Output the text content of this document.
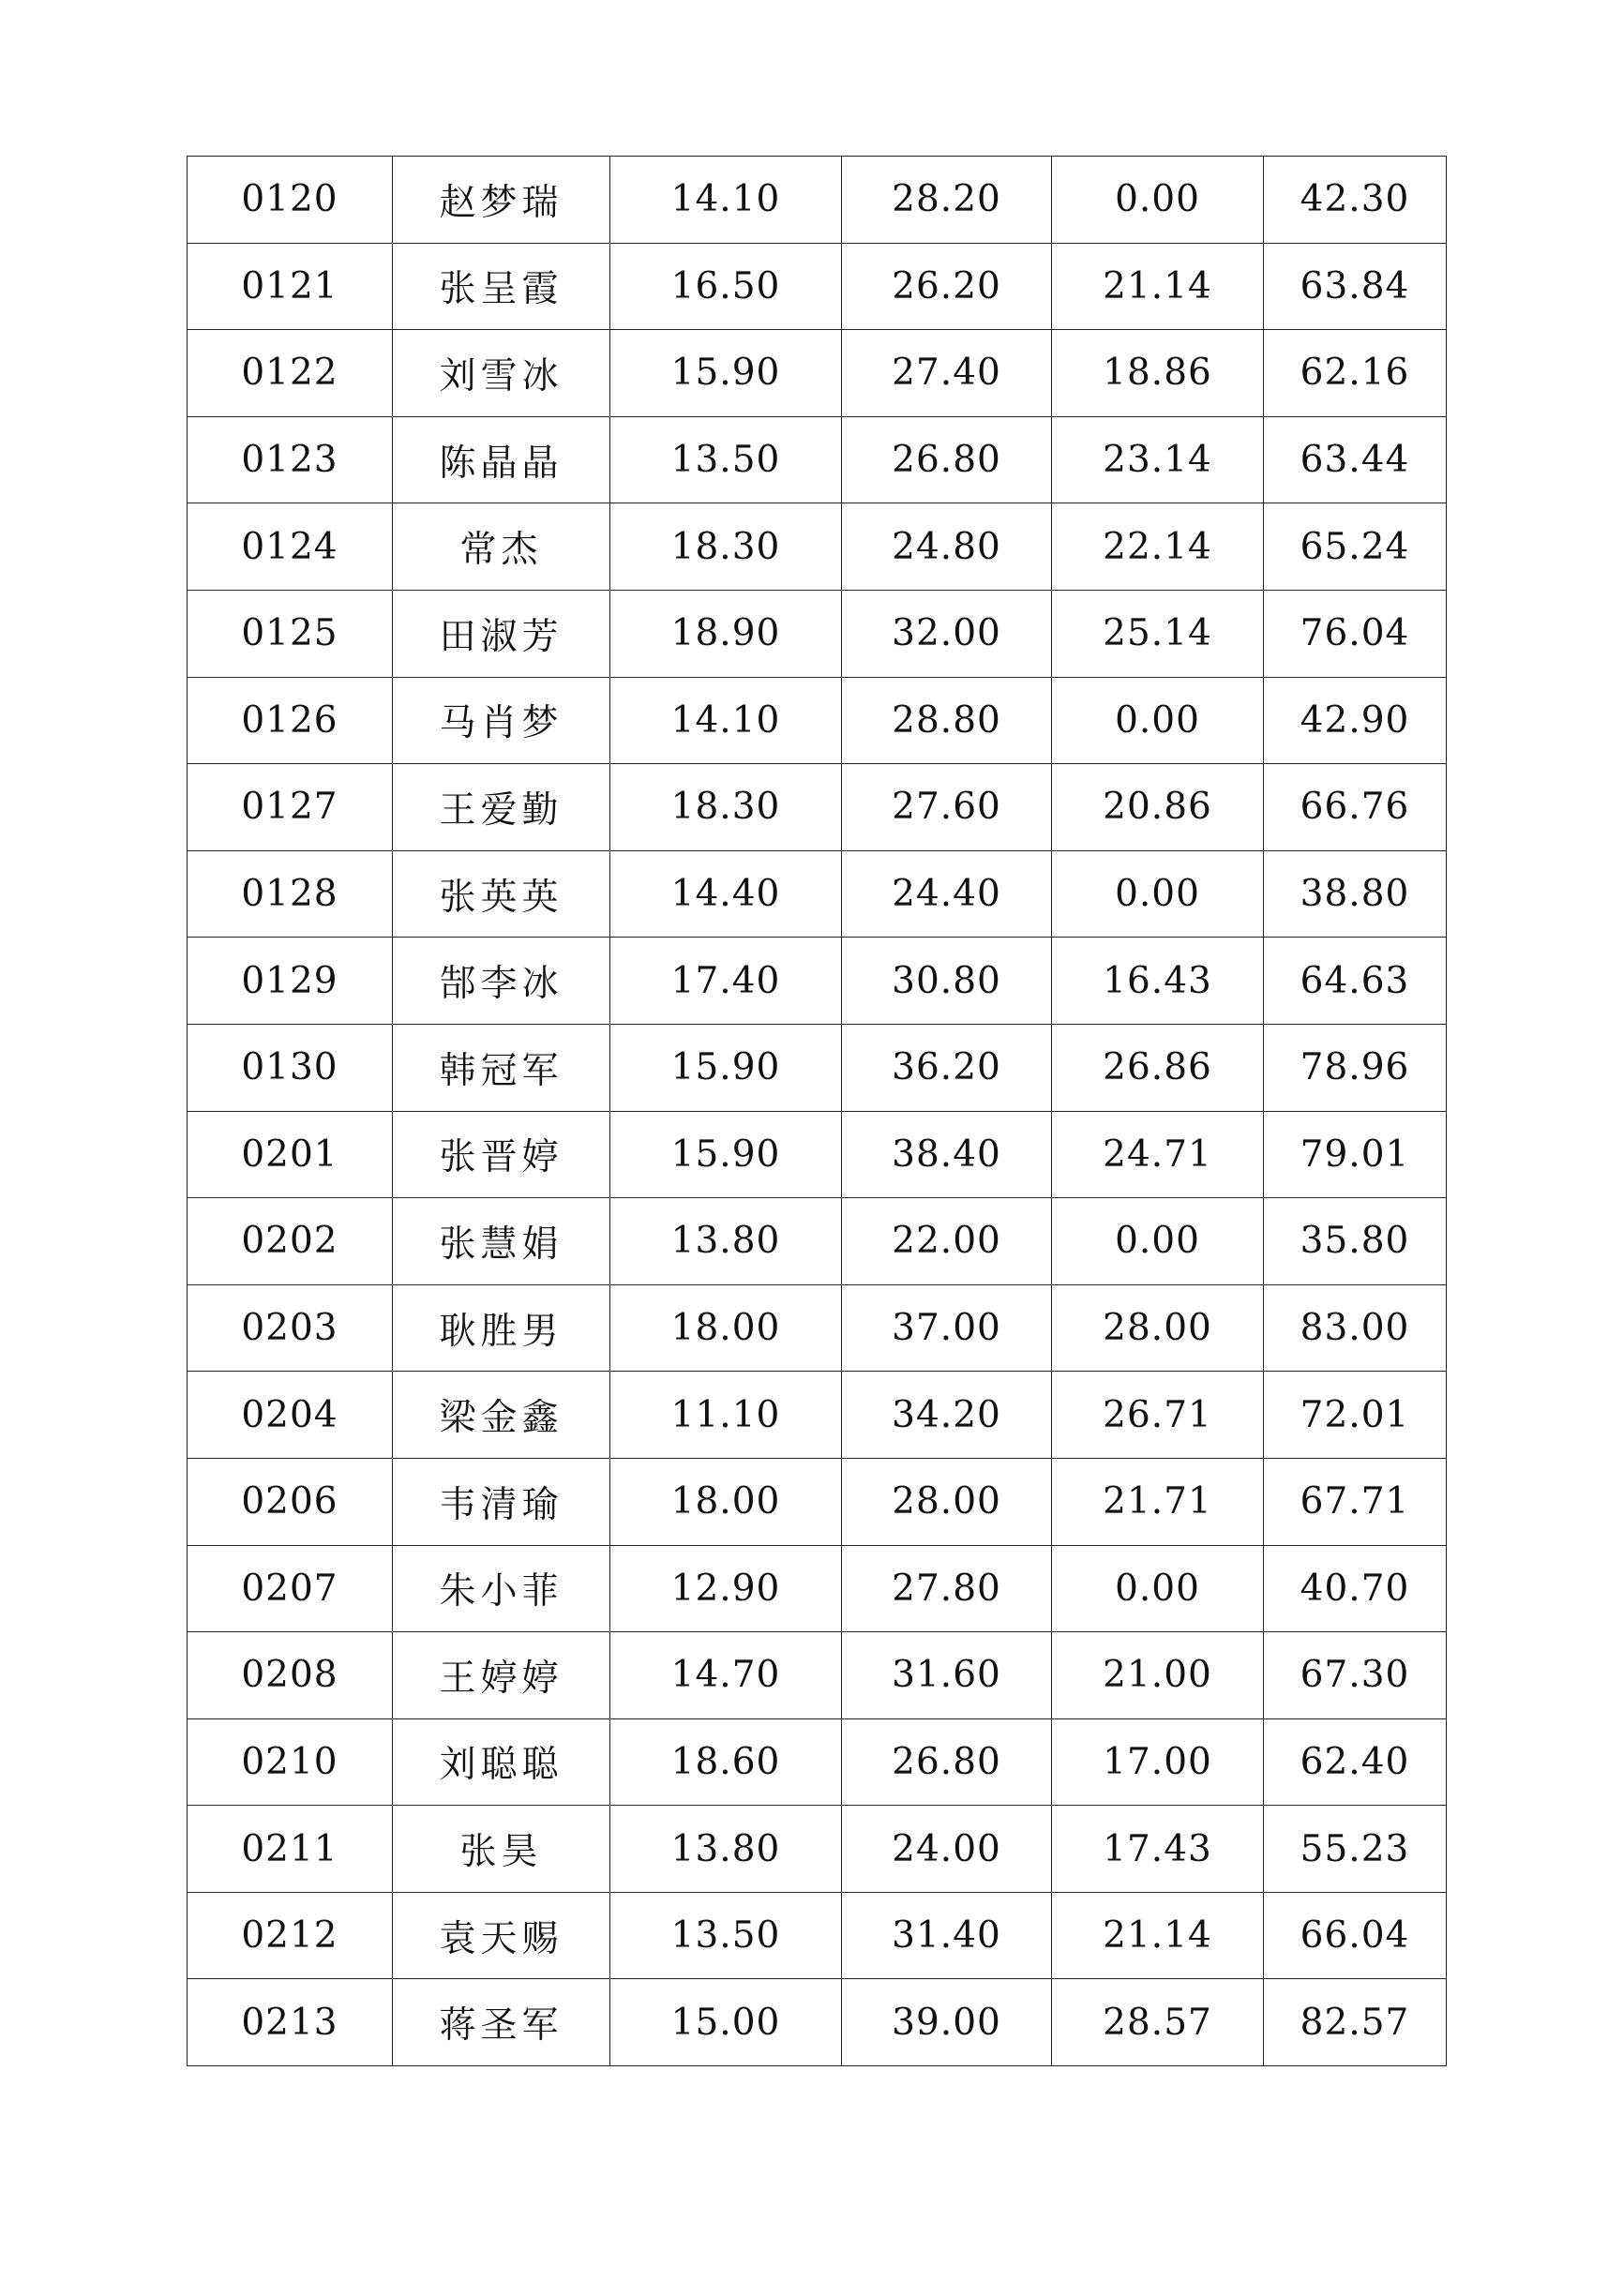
0120	赵梦瑞	14.10	28.20	0.00	42.30
0121	张呈霞	16.50	26.20	21.14	63.84
0122	刘雪冰	15.90	27.40	18.86	62.16
0123	陈晶晶	13.50	26.80	23.14	63.44
0124	常杰	18.30	24.80	22.14	65.24
0125	田淑芳	18.90	32.00	25.14	76.04
0126	马肖梦	14.10	28.80	0.00	42.90
0127	王爱勤	18.30	27.60	20.86	66.76
0128	张英英	14.40	24.40	0.00	38.80
0129	郜李冰	17.40	30.80	16.43	64.63
0130	韩冠军	15.90	36.20	26.86	78.96
0201	张晋婷	15.90	38.40	24.71	79.01
0202	张慧娟	13.80	22.00	0.00	35.80
0203	耿胜男	18.00	37.00	28.00	83.00
0204	梁金鑫	11.10	34.20	26.71	72.01
0206	韦清瑜	18.00	28.00	21.71	67.71
0207	朱小菲	12.90	27.80	0.00	40.70
0208	王婷婷	14.70	31.60	21.00	67.30
0210	刘聪聪	18.60	26.80	17.00	62.40
0211	张昊	13.80	24.00	17.43	55.23
0212	袁天赐	13.50	31.40	21.14	66.04
0213	蒋圣军	15.00	39.00	28.57	82.57
